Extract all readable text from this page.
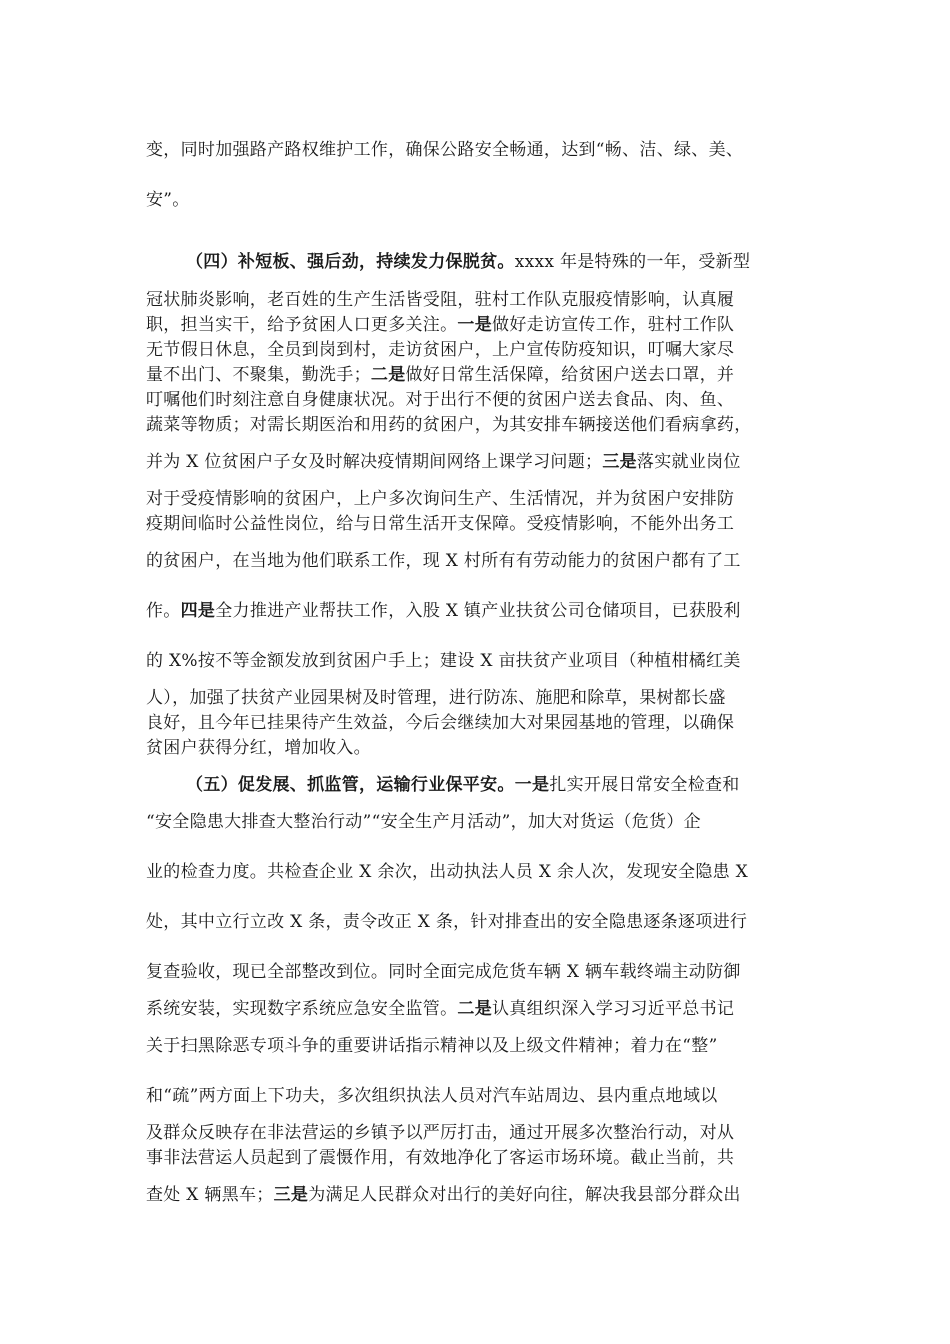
变，同时加强路产路权维护工作，确保公路安全畅通，达到“畅、洁、绿、美、
安”。
（四）补短板、强后劲，持续发力保脱贫。xxxx 年是特殊的一年，受新型
冠状肺炎影响，老百姓的生产生活皆受阻，驻村工作队克服疫情影响，认真履
职，担当实干，给予贫困人口更多关注。一是做好走访宣传工作，驻村工作队
无节假日休息，全员到岗到村，走访贫困户，上户宣传防疫知识，叮嘱大家尽
量不出门、不聚集，勤洗手；二是做好日常生活保障，给贫困户送去口罩，并
叮嘱他们时刻注意自身健康状况。对于出行不便的贫困户送去食品、肉、鱼、
蔬菜等物质；对需长期医治和用药的贫困户，为其安排车辆接送他们看病拿药，
并为 X 位贫困户子女及时解决疫情期间网络上课学习问题；三是落实就业岗位
对于受疫情影响的贫困户，上户多次询问生产、生活情况，并为贫困户安排防
疫期间临时公益性岗位，给与日常生活开支保障。受疫情影响，不能外出务工
的贫困户，在当地为他们联系工作，现 X 村所有有劳动能力的贫困户都有了工
作。四是全力推进产业帮扶工作，入股 X 镇产业扶贫公司仓储项目，已获股利
的 X%按不等金额发放到贫困户手上；建设 X 亩扶贫产业项目（种植柑橘红美
人），加强了扶贫产业园果树及时管理，进行防冻、施肥和除草，果树都长盛
良好，且今年已挂果待产生效益，今后会继续加大对果园基地的管理，以确保
贫困户获得分红，增加收入。
（五）促发展、抓监管，运输行业保平安。一是扎实开展日常安全检查和
“安全隐患大排查大整治行动”“安全生产月活动”，加大对货运（危货）企
业的检查力度。共检查企业 X 余次，出动执法人员 X 余人次，发现安全隐患 X
处，其中立行立改 X 条，责令改正 X 条，针对排查出的安全隐患逐条逐项进行
复查验收，现已全部整改到位。同时全面完成危货车辆 X 辆车载终端主动防御
系统安装，实现数字系统应急安全监管。二是认真组织深入学习习近平总书记
关于扫黑除恶专项斗争的重要讲话指示精神以及上级文件精神；着力在“整”
和“疏”两方面上下功夫，多次组织执法人员对汽车站周边、县内重点地域以
及群众反映存在非法营运的乡镇予以严厉打击，通过开展多次整治行动，对从
事非法营运人员起到了震慑作用，有效地净化了客运市场环境。截止当前，共
查处 X 辆黑车；三是为满足人民群众对出行的美好向往，解决我县部分群众出
